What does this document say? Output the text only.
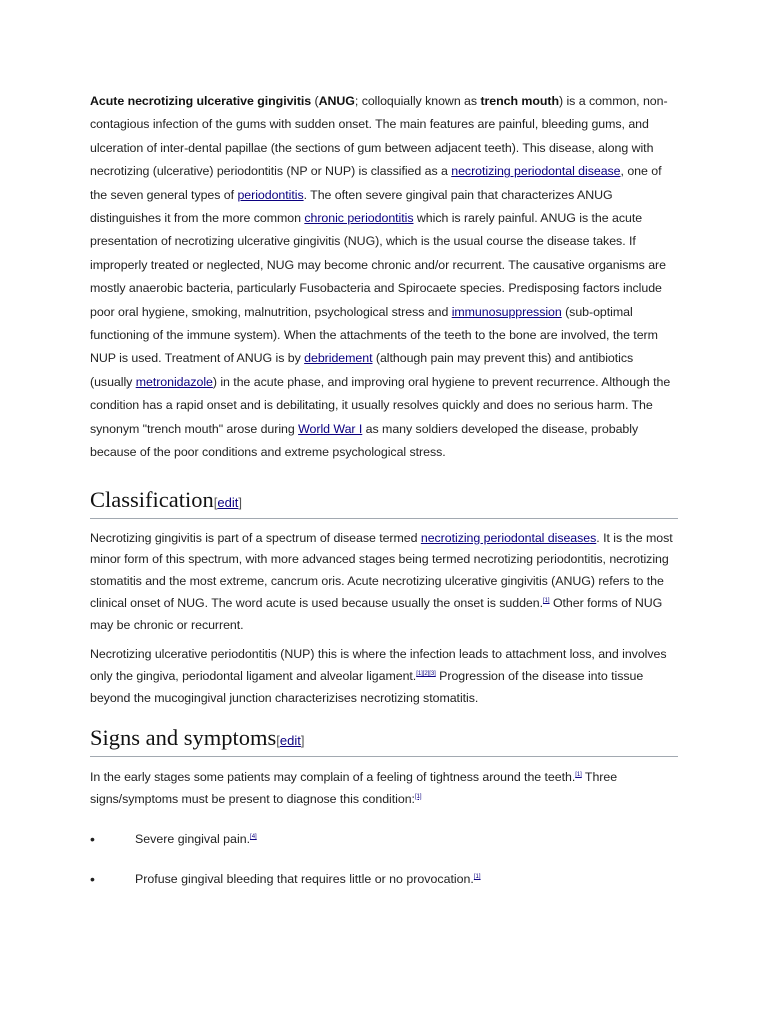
Acute necrotizing ulcerative gingivitis (ANUG; colloquially known as trench mouth) is a common, non-contagious infection of the gums with sudden onset. The main features are painful, bleeding gums, and ulceration of inter-dental papillae (the sections of gum between adjacent teeth). This disease, along with necrotizing (ulcerative) periodontitis (NP or NUP) is classified as a necrotizing periodontal disease, one of the seven general types of periodontitis. The often severe gingival pain that characterizes ANUG distinguishes it from the more common chronic periodontitis which is rarely painful. ANUG is the acute presentation of necrotizing ulcerative gingivitis (NUG), which is the usual course the disease takes. If improperly treated or neglected, NUG may become chronic and/or recurrent. The causative organisms are mostly anaerobic bacteria, particularly Fusobacteria and Spirocaete species. Predisposing factors include poor oral hygiene, smoking, malnutrition, psychological stress and immunosuppression (sub-optimal functioning of the immune system). When the attachments of the teeth to the bone are involved, the term NUP is used. Treatment of ANUG is by debridement (although pain may prevent this) and antibiotics (usually metronidazole) in the acute phase, and improving oral hygiene to prevent recurrence. Although the condition has a rapid onset and is debilitating, it usually resolves quickly and does no serious harm. The synonym "trench mouth" arose during World War I as many soldiers developed the disease, probably because of the poor conditions and extreme psychological stress.

Classification[edit]

Necrotizing gingivitis is part of a spectrum of disease termed necrotizing periodontal diseases. It is the most minor form of this spectrum, with more advanced stages being termed necrotizing periodontitis, necrotizing stomatitis and the most extreme, cancrum oris. Acute necrotizing ulcerative gingivitis (ANUG) refers to the clinical onset of NUG. The word acute is used because usually the onset is sudden.[1] Other forms of NUG may be chronic or recurrent.

Necrotizing ulcerative periodontitis (NUP) this is where the infection leads to attachment loss, and involves only the gingiva, periodontal ligament and alveolar ligament.[1][2][3] Progression of the disease into tissue beyond the mucogingival junction characterizises necrotizing stomatitis.

Signs and symptoms[edit]

In the early stages some patients may complain of a feeling of tightness around the teeth.[1] Three signs/symptoms must be present to diagnose this condition:[1]

•	Severe gingival pain.[4]
•	Profuse gingival bleeding that requires little or no provocation.[1]
